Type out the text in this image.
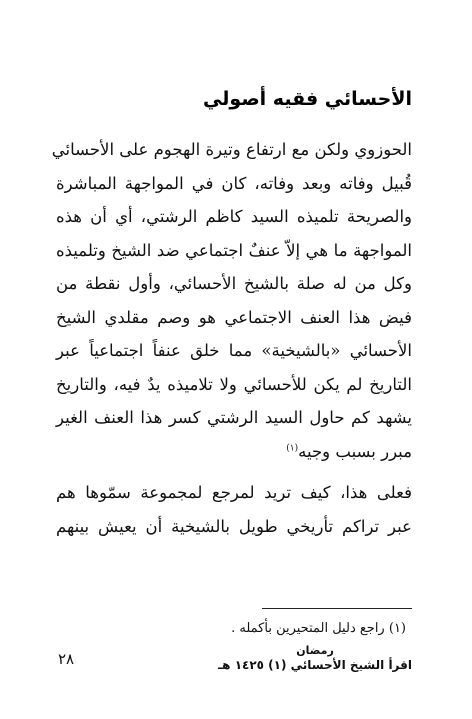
الأحسائي فقيه أصولي

الحوزوي ولكن مع ارتفاع وتيرة الهجوم على الأحسائي
قُبيل وفاته وبعد وفاته، كان في المواجهة المباشرة
والصريحة تلميذه السيد كاظم الرشتي، أي أن هذه
المواجهة ما هي إلاّ عنفٌ اجتماعي ضد الشيخ وتلميذه
وكل من له صلة بالشيخ الأحسائي، وأول نقطة من
فيض هذا العنف الاجتماعي هو وصم مقلدي الشيخ
الأحسائي «بالشيخية» مما خلق عنفاً اجتماعياً عبر
التاريخ لم يكن للأحسائي ولا تلاميذه يدٌ فيه، والتاريخ
يشهد كم حاول السيد الرشتي كسر هذا العنف الغير
مبرر بسبب وجيه$^{(١)}$

فعلى هذا، كيف تريد لمرجع لمجموعة سمّوها هم
عبر تراكم تأريخي طويل بالشيخية أن يعيش بينهم

(١) راجع دليل المتحيرين بأكمله .
رمضان
اقرأ الشيخ الأحسائي (١) ١٤٢٥ هـ
٢٨
